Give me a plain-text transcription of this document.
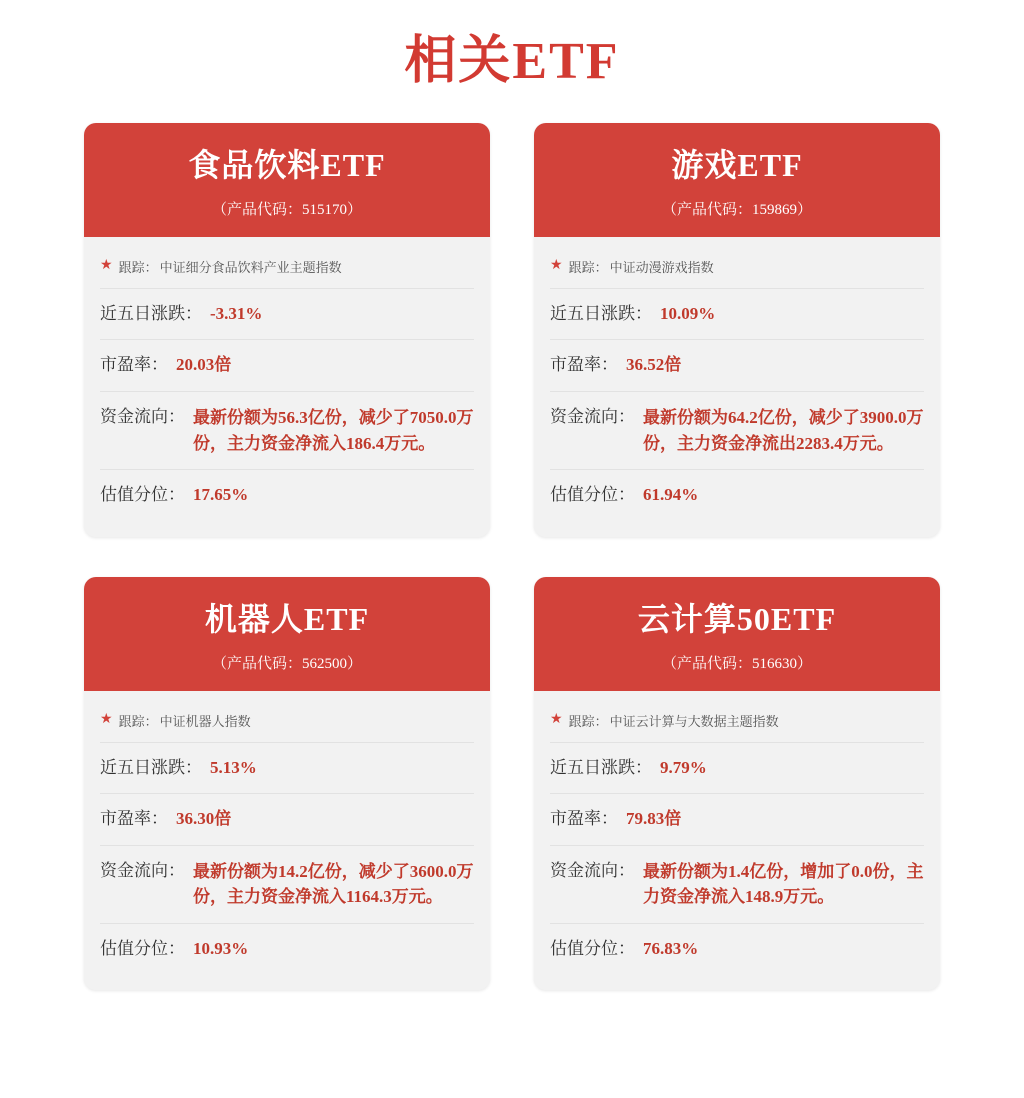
相关ETF
食品饮料ETF
（产品代码：515170）
★ 跟踪： 中证细分食品饮料产业主题指数
近五日涨跌： -3.31%
市盈率： 20.03倍
资金流向： 最新份额为56.3亿份，减少了7050.0万份，主力资金净流入186.4万元。
估值分位： 17.65%
游戏ETF
（产品代码：159869）
★ 跟踪： 中证动漫游戏指数
近五日涨跌： 10.09%
市盈率： 36.52倍
资金流向： 最新份额为64.2亿份，减少了3900.0万份，主力资金净流出2283.4万元。
估值分位： 61.94%
机器人ETF
（产品代码：562500）
★ 跟踪： 中证机器人指数
近五日涨跌： 5.13%
市盈率： 36.30倍
资金流向： 最新份额为14.2亿份，减少了3600.0万份，主力资金净流入1164.3万元。
估值分位： 10.93%
云计算50ETF
（产品代码：516630）
★ 跟踪： 中证云计算与大数据主题指数
近五日涨跌： 9.79%
市盈率： 79.83倍
资金流向： 最新份额为1.4亿份，增加了0.0份，主力资金净流入148.9万元。
估值分位： 76.83%
